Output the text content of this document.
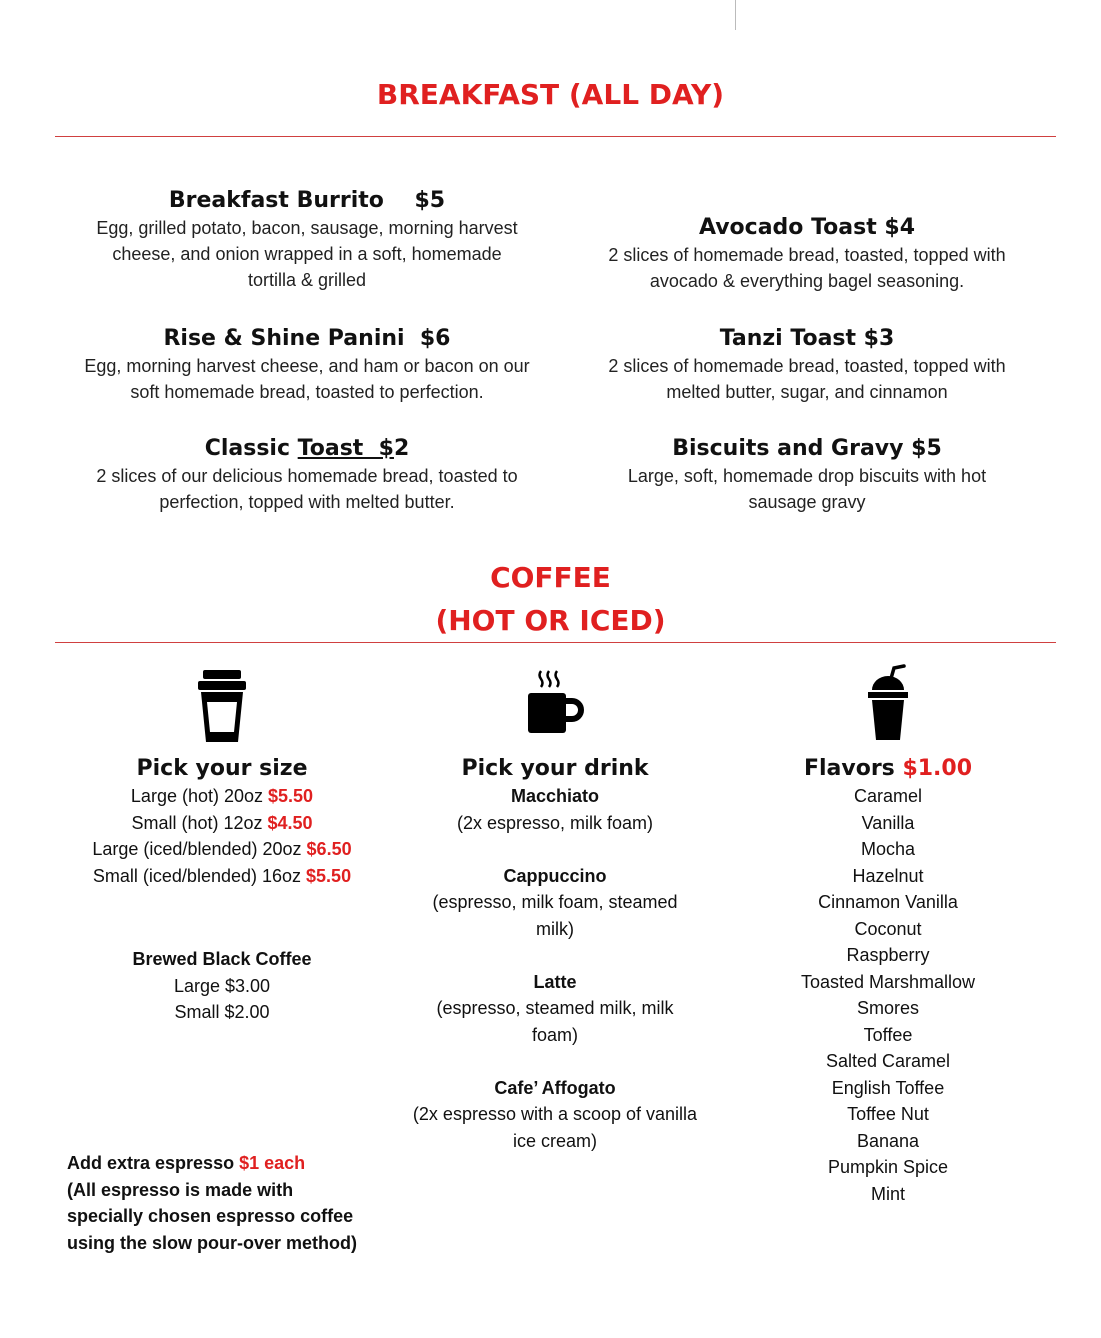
BREAKFAST (ALL DAY)
Breakfast Burrito    $5
Egg, grilled potato, bacon, sausage, morning harvest
cheese, and onion wrapped in a soft, homemade
tortilla & grilled
Rise & Shine Panini  $6
Egg, morning harvest cheese, and ham or bacon on our
soft homemade bread, toasted to perfection.
Classic Toast  $2
2 slices of our delicious homemade bread, toasted to
perfection, topped with melted butter.
Avocado Toast $4
2 slices of homemade bread, toasted, topped with
avocado & everything bagel seasoning.
Tanzi Toast $3
2 slices of homemade bread, toasted, topped with
melted butter, sugar, and cinnamon
Biscuits and Gravy $5
Large, soft, homemade drop biscuits with hot
sausage gravy
COFFEE
(HOT OR ICED)
Pick your size
Large (hot) 20oz $5.50
Small (hot) 12oz $4.50
Large (iced/blended) 20oz $6.50
Small (iced/blended) 16oz $5.50
Brewed Black Coffee
Large $3.00
Small $2.00
Add extra espresso $1 each
(All espresso is made with
specially chosen espresso coffee
using the slow pour-over method)
Pick your drink
Macchiato
(2x espresso, milk foam)
Cappuccino
(espresso, milk foam, steamed
milk)
Latte
(espresso, steamed milk, milk
foam)
Cafe’ Affogato
(2x espresso with a scoop of vanilla
ice cream)
Flavors $1.00
Caramel
Vanilla
Mocha
Hazelnut
Cinnamon Vanilla
Coconut
Raspberry
Toasted Marshmallow
Smores
Toffee
Salted Caramel
English Toffee
Toffee Nut
Banana
Pumpkin Spice
Mint
